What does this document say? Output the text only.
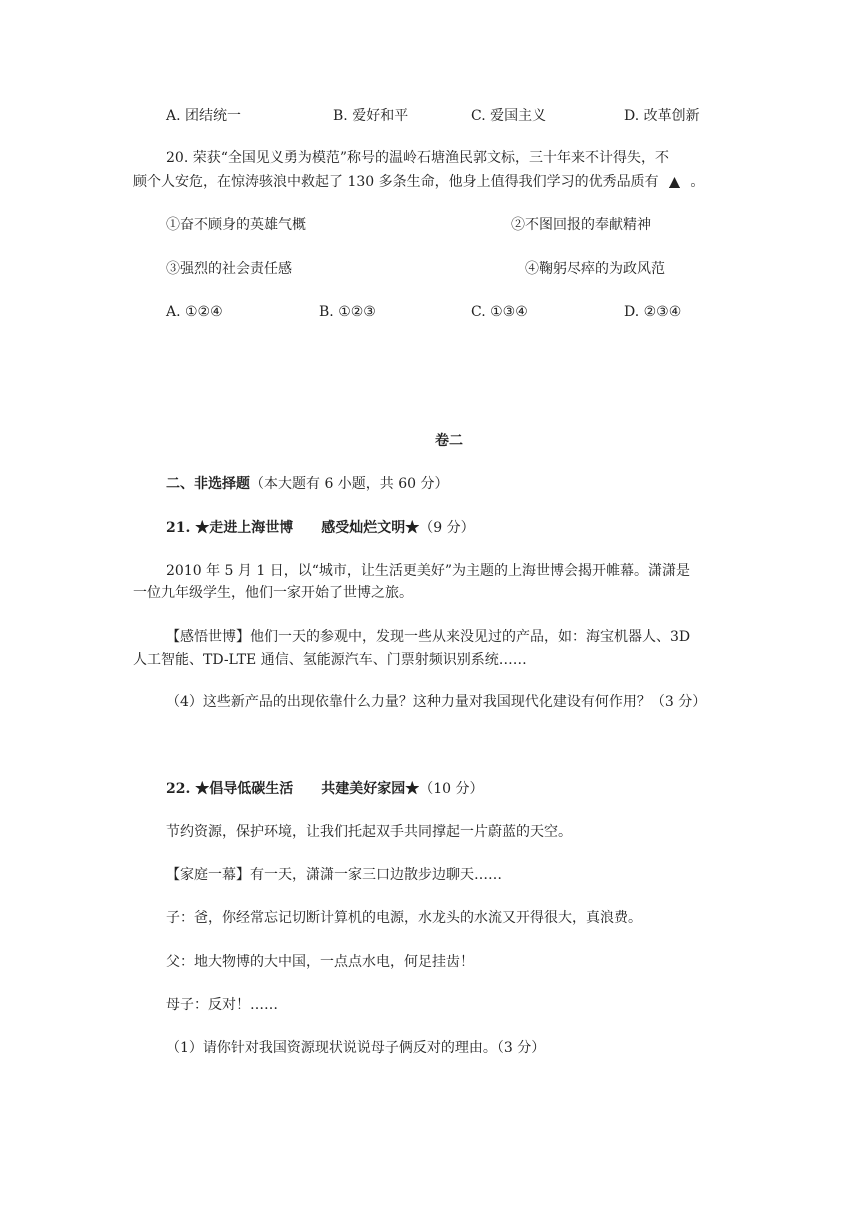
A. 团结统一	B. 爱好和平	C. 爱国主义	D. 改革创新
20. 荣获“全国见义勇为模范”称号的温岭石塘渔民郭文标，三十年来不计得失，不
顾个人安危，在惊涛骇浪中救起了 130 多条生命，他身上值得我们学习的优秀品质有 ▲ 。
①奋不顾身的英雄气概	②不图回报的奉献精神
③强烈的社会责任感	④鞠躬尽瘁的为政风范
A. ①②④	B. ①②③	C. ①③④	D. ②③④
卷二
二、非选择题（本大题有 6 小题，共 60 分）
21. ★走进上海世博　　感受灿烂文明★（9 分）
2010 年 5 月 1 日，以“城市，让生活更美好”为主题的上海世博会揭开帷幕。潇潇是
一位九年级学生，他们一家开始了世博之旅。
【感悟世博】他们一天的参观中，发现一些从来没见过的产品，如：海宝机器人、3D
人工智能、TD-LTE 通信、氢能源汽车、门票射频识别系统……
（4）这些新产品的出现依靠什么力量？这种力量对我国现代化建设有何作用？（3 分）
22. ★倡导低碳生活　　共建美好家园★（10 分）
节约资源，保护环境，让我们托起双手共同撑起一片蔚蓝的天空。
【家庭一幕】有一天，潇潇一家三口边散步边聊天……
子：爸，你经常忘记切断计算机的电源，水龙头的水流又开得很大，真浪费。
父：地大物博的大中国，一点点水电，何足挂齿！
母子：反对！……
（1）请你针对我国资源现状说说母子俩反对的理由。（3 分）
